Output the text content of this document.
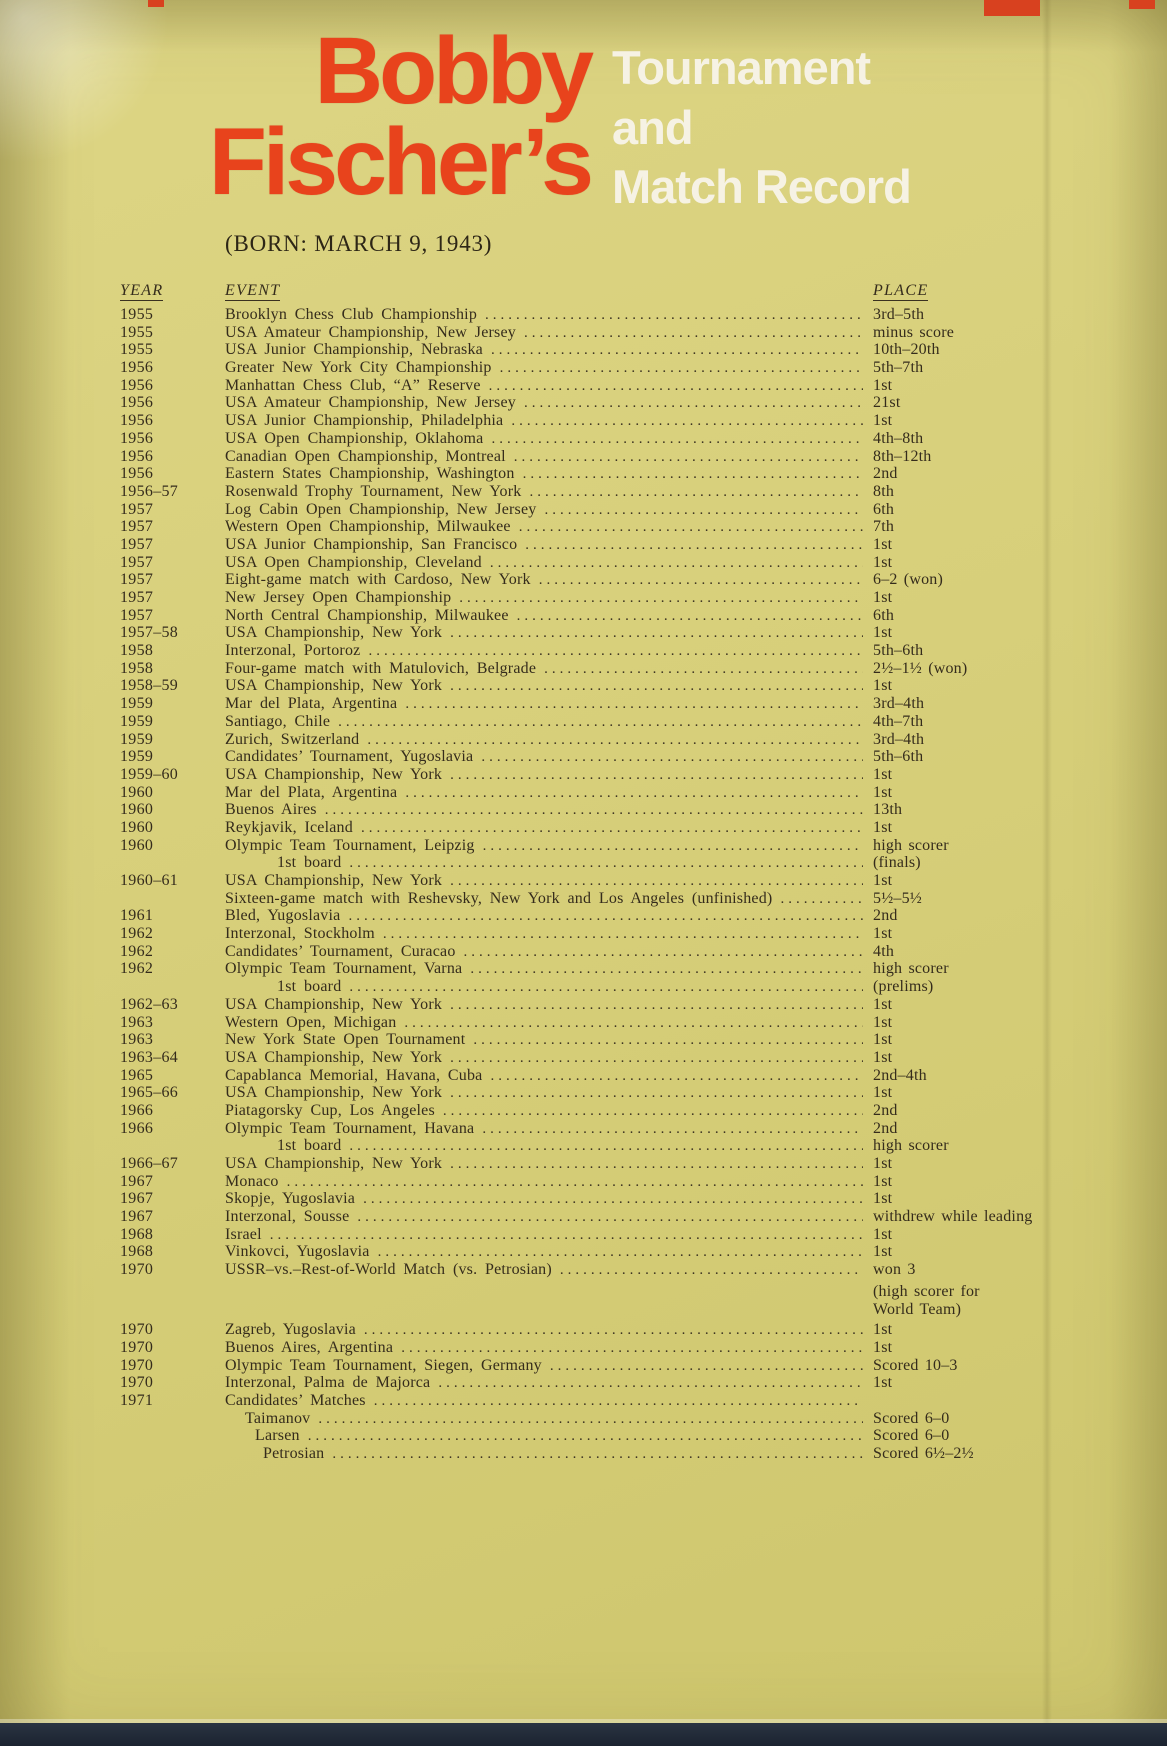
Bobby
Fischer’s
Tournament
and
Match Record
(BORN: MARCH 9, 1943)
YEAR	EVENT	PLACE
1955	Brooklyn Chess Club Championship .....	3rd–5th
1955	USA Amateur Championship, New Jersey .....	minus score
1955	USA Junior Championship, Nebraska .....	10th–20th
1956	Greater New York City Championship .....	5th–7th
1956	Manhattan Chess Club, “A” Reserve .....	1st
1956	USA Amateur Championship, New Jersey .....	21st
1956	USA Junior Championship, Philadelphia .....	1st
1956	USA Open Championship, Oklahoma .....	4th–8th
1956	Canadian Open Championship, Montreal .....	8th–12th
1956	Eastern States Championship, Washington .....	2nd
1956–57	Rosenwald Trophy Tournament, New York .....	8th
1957	Log Cabin Open Championship, New Jersey .....	6th
1957	Western Open Championship, Milwaukee .....	7th
1957	USA Junior Championship, San Francisco .....	1st
1957	USA Open Championship, Cleveland .....	1st
1957	Eight-game match with Cardoso, New York .....	6–2 (won)
1957	New Jersey Open Championship .....	1st
1957	North Central Championship, Milwaukee .....	6th
1957–58	USA Championship, New York .....	1st
1958	Interzonal, Portoroz .....	5th–6th
1958	Four-game match with Matulovich, Belgrade .....	2½–1½ (won)
1958–59	USA Championship, New York .....	1st
1959	Mar del Plata, Argentina .....	3rd–4th
1959	Santiago, Chile .....	4th–7th
1959	Zurich, Switzerland .....	3rd–4th
1959	Candidates’ Tournament, Yugoslavia .....	5th–6th
1959–60	USA Championship, New York .....	1st
1960	Mar del Plata, Argentina .....	1st
1960	Buenos Aires .....	13th
1960	Reykjavik, Iceland .....	1st
1960	Olympic Team Tournament, Leipzig .....	high scorer
1st board .....	(finals)
1960–61	USA Championship, New York .....	1st
Sixteen-game match with Reshevsky, New York and Los Angeles (unfinished) .....	5½–5½
1961	Bled, Yugoslavia .....	2nd
1962	Interzonal, Stockholm .....	1st
1962	Candidates’ Tournament, Curacao .....	4th
1962	Olympic Team Tournament, Varna .....	high scorer
1st board .....	(prelims)
1962–63	USA Championship, New York .....	1st
1963	Western Open, Michigan .....	1st
1963	New York State Open Tournament .....	1st
1963–64	USA Championship, New York .....	1st
1965	Capablanca Memorial, Havana, Cuba .....	2nd–4th
1965–66	USA Championship, New York .....	1st
1966	Piatagorsky Cup, Los Angeles .....	2nd
1966	Olympic Team Tournament, Havana .....	2nd
1st board .....	high scorer
1966–67	USA Championship, New York .....	1st
1967	Monaco .....	1st
1967	Skopje, Yugoslavia .....	1st
1967	Interzonal, Sousse .....	withdrew while leading
1968	Israel .....	1st
1968	Vinkovci, Yugoslavia .....	1st
1970	USSR–vs.–Rest-of-World Match (vs. Petrosian) .....	won 3
(high scorer for
World Team)
1970	Zagreb, Yugoslavia .....	1st
1970	Buenos Aires, Argentina .....	1st
1970	Olympic Team Tournament, Siegen, Germany .....	Scored 10–3
1970	Interzonal, Palma de Majorca .....	1st
1971	Candidates’ Matches
.....
Taimanov .....	Scored 6–0
Larsen .....	Scored 6–0
Petrosian .....	Scored 6½–2½
